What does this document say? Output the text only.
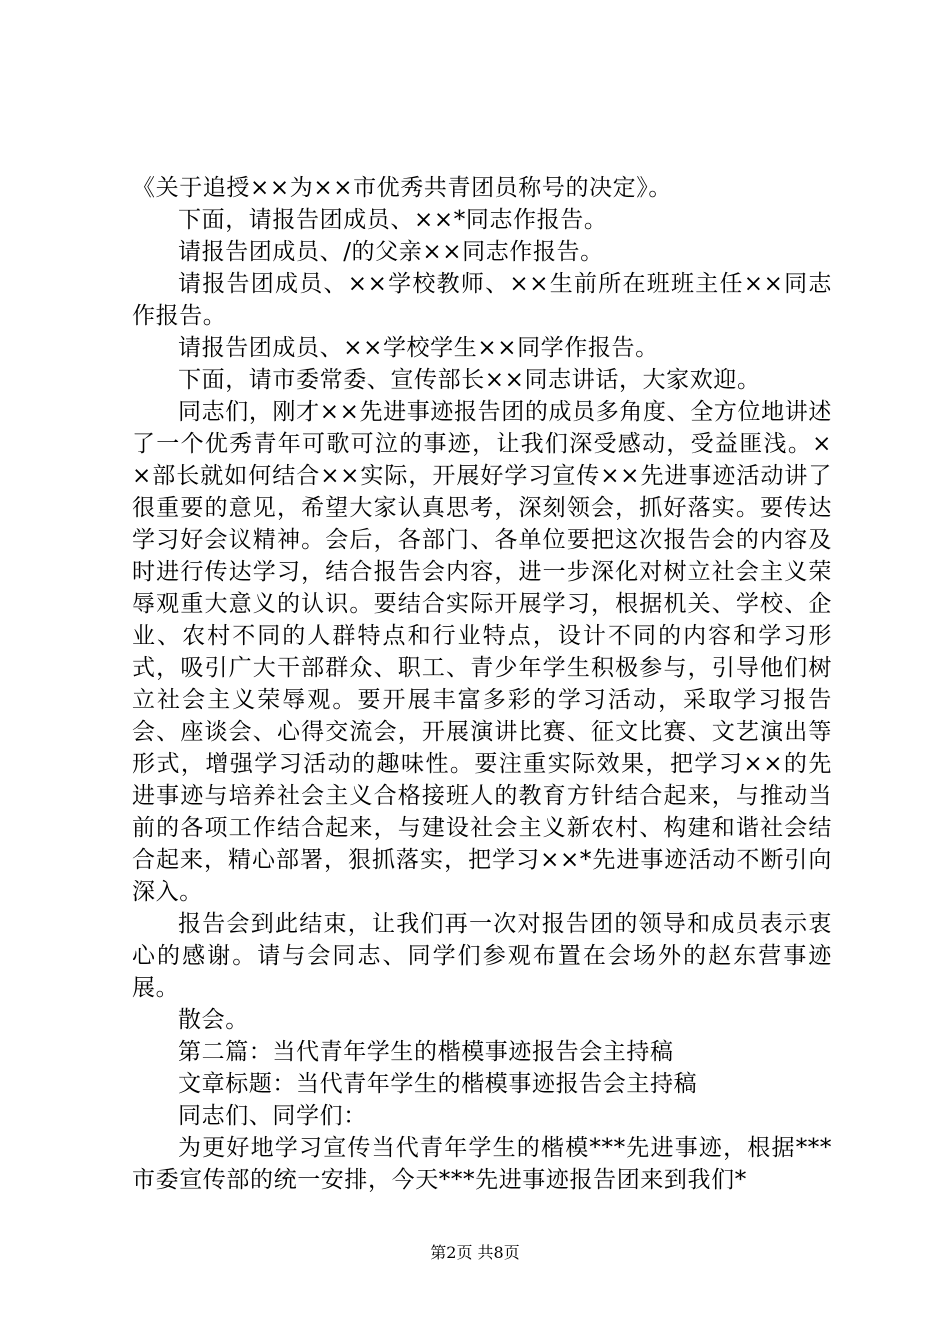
《关于追授××为××市优秀共青团员称号的决定》。

下面，请报告团成员、××*同志作报告。

请报告团成员、/的父亲××同志作报告。

请报告团成员、××学校教师、××生前所在班班主任××同志作报告。

请报告团成员、××学校学生××同学作报告。

下面，请市委常委、宣传部长××同志讲话，大家欢迎。

同志们，刚才××先进事迹报告团的成员多角度、全方位地讲述了一个优秀青年可歌可泣的事迹，让我们深受感动，受益匪浅。××部长就如何结合××实际，开展好学习宣传××先进事迹活动讲了很重要的意见，希望大家认真思考，深刻领会，抓好落实。要传达学习好会议精神。会后，各部门、各单位要把这次报告会的内容及时进行传达学习，结合报告会内容，进一步深化对树立社会主义荣辱观重大意义的认识。要结合实际开展学习，根据机关、学校、企业、农村不同的人群特点和行业特点，设计不同的内容和学习形式，吸引广大干部群众、职工、青少年学生积极参与，引导他们树立社会主义荣辱观。要开展丰富多彩的学习活动，采取学习报告会、座谈会、心得交流会，开展演讲比赛、征文比赛、文艺演出等形式，增强学习活动的趣味性。要注重实际效果，把学习××的先进事迹与培养社会主义合格接班人的教育方针结合起来，与推动当前的各项工作结合起来，与建设社会主义新农村、构建和谐社会结合起来，精心部署，狠抓落实，把学习××*先进事迹活动不断引向深入。

报告会到此结束，让我们再一次对报告团的领导和成员表示衷心的感谢。请与会同志、同学们参观布置在会场外的赵东营事迹展。

散会。

第二篇：当代青年学生的楷模事迹报告会主持稿

文章标题：当代青年学生的楷模事迹报告会主持稿

同志们、同学们：

为更好地学习宣传当代青年学生的楷模***先进事迹，根据***市委宣传部的统一安排，今天***先进事迹报告团来到我们*

第2页 共8页
